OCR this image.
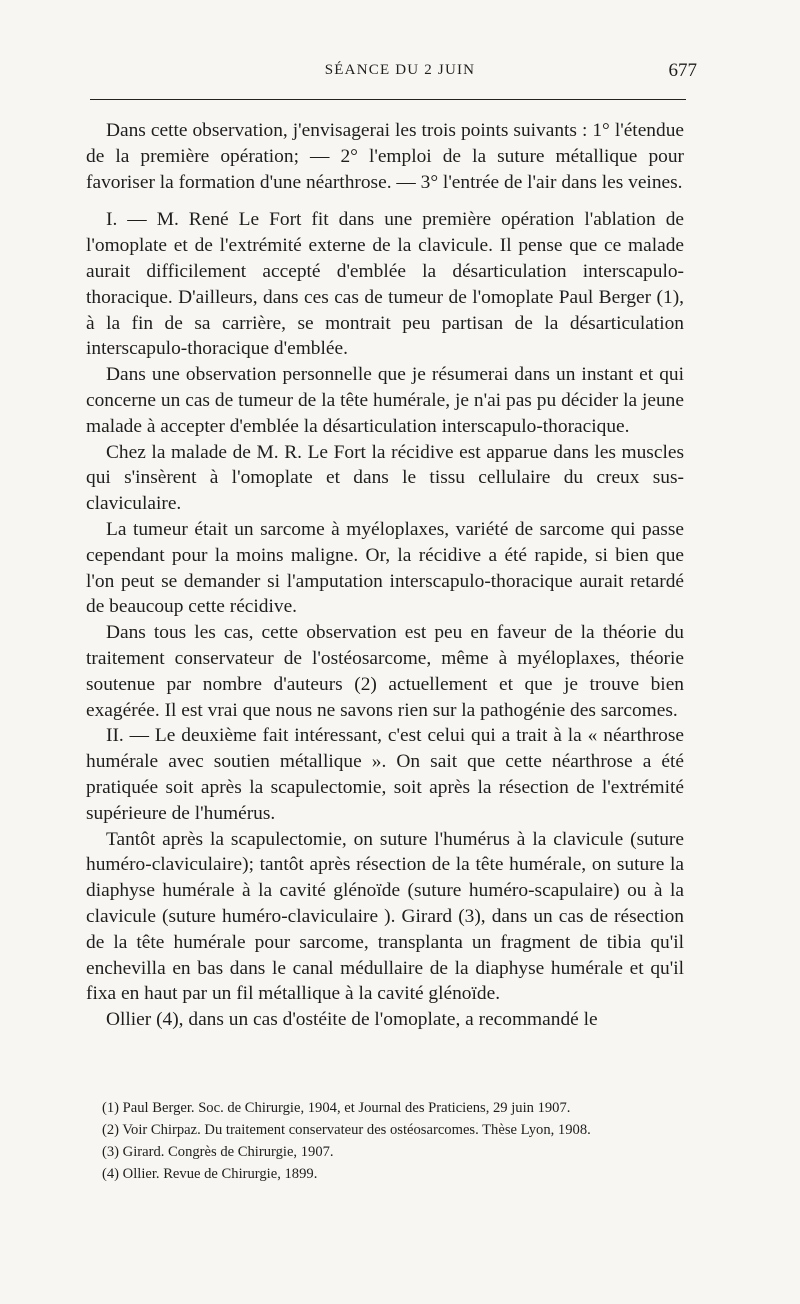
SÉANCE DU 2 JUIN	677

Dans cette observation, j'envisagerai les trois points suivants : 1° l'étendue de la première opération; — 2° l'emploi de la suture métallique pour favoriser la formation d'une néarthrose. — 3° l'entrée de l'air dans les veines.

I. — M. René Le Fort fit dans une première opération l'ablation de l'omoplate et de l'extrémité externe de la clavicule. Il pense que ce malade aurait difficilement accepté d'emblée la désarticulation interscapulo-thoracique. D'ailleurs, dans ces cas de tumeur de l'omoplate Paul Berger (1), à la fin de sa carrière, se montrait peu partisan de la désarticulation interscapulo-thoracique d'emblée.

Dans une observation personnelle que je résumerai dans un instant et qui concerne un cas de tumeur de la tête humérale, je n'ai pas pu décider la jeune malade à accepter d'emblée la désarticulation interscapulo-thoracique.

Chez la malade de M. R. Le Fort la récidive est apparue dans les muscles qui s'insèrent à l'omoplate et dans le tissu cellulaire du creux sus-claviculaire.

La tumeur était un sarcome à myéloplaxes, variété de sarcome qui passe cependant pour la moins maligne. Or, la récidive a été rapide, si bien que l'on peut se demander si l'amputation interscapulo-thoracique aurait retardé de beaucoup cette récidive.

Dans tous les cas, cette observation est peu en faveur de la théorie du traitement conservateur de l'ostéosarcome, même à myéloplaxes, théorie soutenue par nombre d'auteurs (2) actuellement et que je trouve bien exagérée. Il est vrai que nous ne savons rien sur la pathogénie des sarcomes.

II. — Le deuxième fait intéressant, c'est celui qui a trait à la « néarthrose humérale avec soutien métallique ». On sait que cette néarthrose a été pratiquée soit après la scapulectomie, soit après la résection de l'extrémité supérieure de l'humérus.

Tantôt après la scapulectomie, on suture l'humérus à la clavicule (suture huméro-claviculaire); tantôt après résection de la tête humérale, on suture la diaphyse humérale à la cavité glénoïde (suture huméro-scapulaire) ou à la clavicule (suture huméro-claviculaire ). Girard (3), dans un cas de résection de la tête humérale pour sarcome, transplanta un fragment de tibia qu'il enchevilla en bas dans le canal médullaire de la diaphyse humérale et qu'il fixa en haut par un fil métallique à la cavité glénoïde.

Ollier (4), dans un cas d'ostéite de l'omoplate, a recommandé le

(1) Paul Berger. Soc. de Chirurgie, 1904, et Journal des Praticiens, 29 juin 1907.

(2) Voir Chirpaz. Du traitement conservateur des ostéosarcomes. Thèse Lyon, 1908.

(3) Girard. Congrès de Chirurgie, 1907.

(4) Ollier. Revue de Chirurgie, 1899.
